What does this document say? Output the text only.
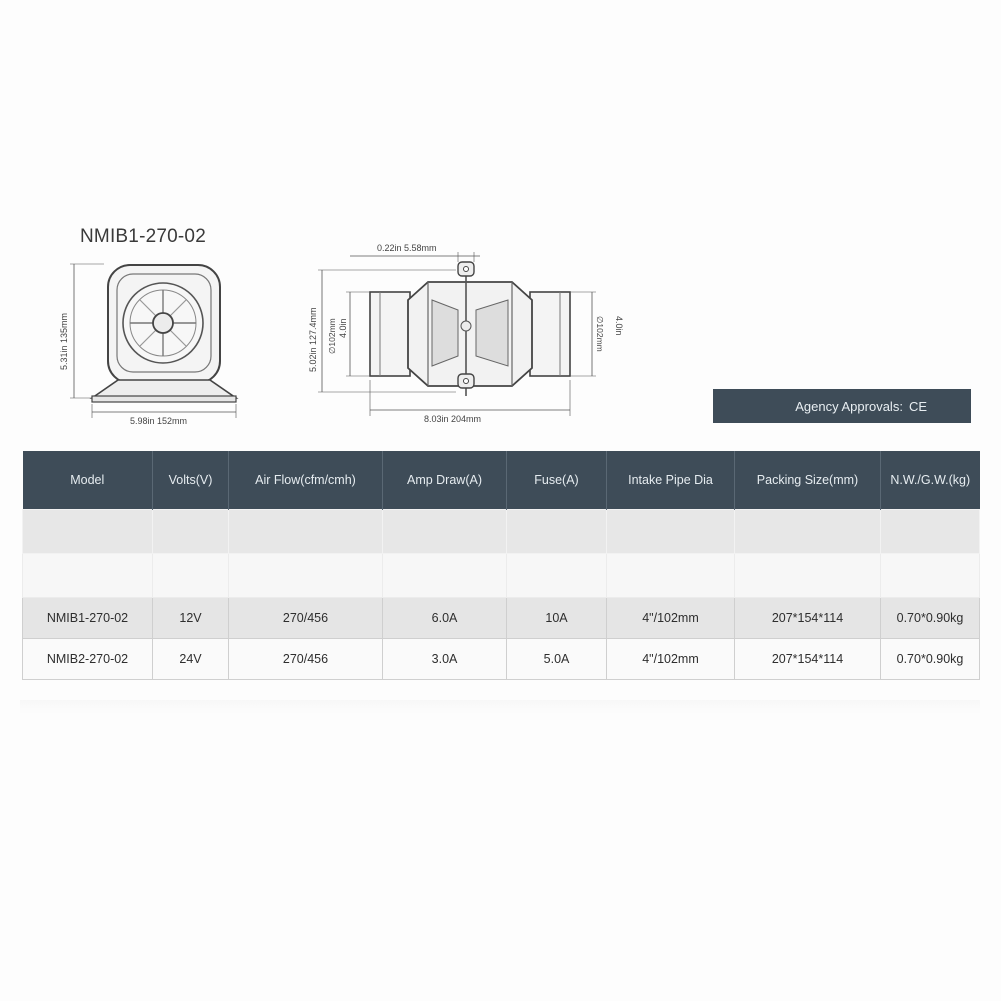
NMIB1-270-02
5.31in 135mm
5.98in 152mm
0.22in 5.58mm
5.02in 127.4mm 4.0in
∅102mm	∅102mm 4.0in
8.03in 204mm
Agency Approvals: CE
Model	Volts(V)	Air Flow(cfm/cmh)	Amp Draw(A)	Fuse(A)	Intake Pipe Dia	Packing Size(mm)	N.W./G.W.(kg)

NMIB1-270-02	12V	270/456	6.0A	10A	4"/102mm	207*154*114	0.70*0.90kg
NMIB2-270-02	24V	270/456	3.0A	5.0A	4"/102mm	207*154*114	0.70*0.90kg
